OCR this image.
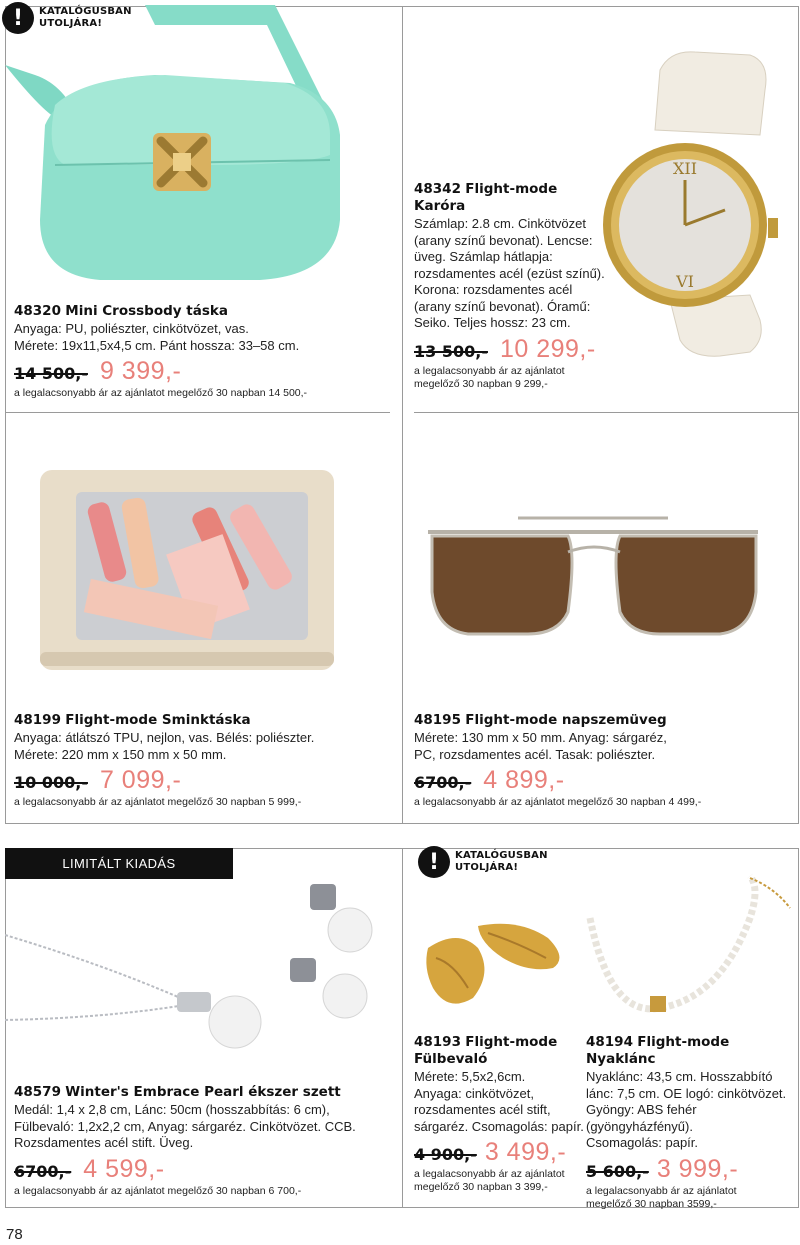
!	KATALÓGUSBAN
UTOLJÁRA!
48320 Mini Crossbody táska
Anyaga: PU, poliészter, cinkötvözet, vas.
Mérete: 19x11,5x4,5 cm. Pánt hossza: 33–58 cm.
14 500,- 9 399,-
a legalacsonyabb ár az ajánlatot megelőző 30 napban 14 500,-
XII
VI
48342 Flight-mode
Karóra
Számlap: 2.8 cm. Cinkötvözet
(arany színű bevonat). Lencse:
üveg. Számlap hátlapja:
rozsdamentes acél (ezüst színű).
Korona: rozsdamentes acél
(arany színű bevonat). Óramű:
Seiko. Teljes hossz: 23 cm.
13 500,- 10 299,-
a legalacsonyabb ár az ajánlatot
megelőző 30 napban 9 299,-
48199 Flight-mode Sminktáska
Anyaga: átlátszó TPU, nejlon, vas. Bélés: poliészter.
Mérete: 220 mm x 150 mm x 50 mm.
10 000,- 7 099,-
a legalacsonyabb ár az ajánlatot megelőző 30 napban 5 999,-
48195 Flight-mode napszemüveg
Mérete: 130 mm x 50 mm. Anyag: sárgaréz,
PC, rozsdamentes acél. Tasak: poliészter.
6700,- 4 899,-
a legalacsonyabb ár az ajánlatot megelőző 30 napban 4 499,-
LIMITÁLT KIADÁS	!	KATALÓGUSBAN
UTOLJÁRA!
48579 Winter's Embrace Pearl ékszer szett
Medál: 1,4 x 2,8 cm, Lánc: 50cm (hosszabbítás: 6 cm),
Fülbevaló: 1,2x2,2 cm, Anyag: sárgaréz. Cinkötvözet. CCB.
Rozsdamentes acél stift. Üveg.
6700,- 4 599,-
a legalacsonyabb ár az ajánlatot megelőző 30 napban 6 700,-
48193 Flight-mode
Fülbevaló
Mérete: 5,5x2,6cm.
Anyaga: cinkötvözet,
rozsdamentes acél stift,
sárgaréz. Csomagolás: papír.
4 900,- 3 499,-
a legalacsonyabb ár az ajánlatot
megelőző 30 napban 3 399,-
48194 Flight-mode Nyaklánc
Nyaklánc: 43,5 cm. Hosszabbító
lánc: 7,5 cm. OE logó: cinkötvözet.
Gyöngy: ABS fehér
(gyöngyházfényű).
Csomagolás: papír.
5 600,- 3 999,-
a legalacsonyabb ár az ajánlatot
megelőző 30 napban 3599,-
78
